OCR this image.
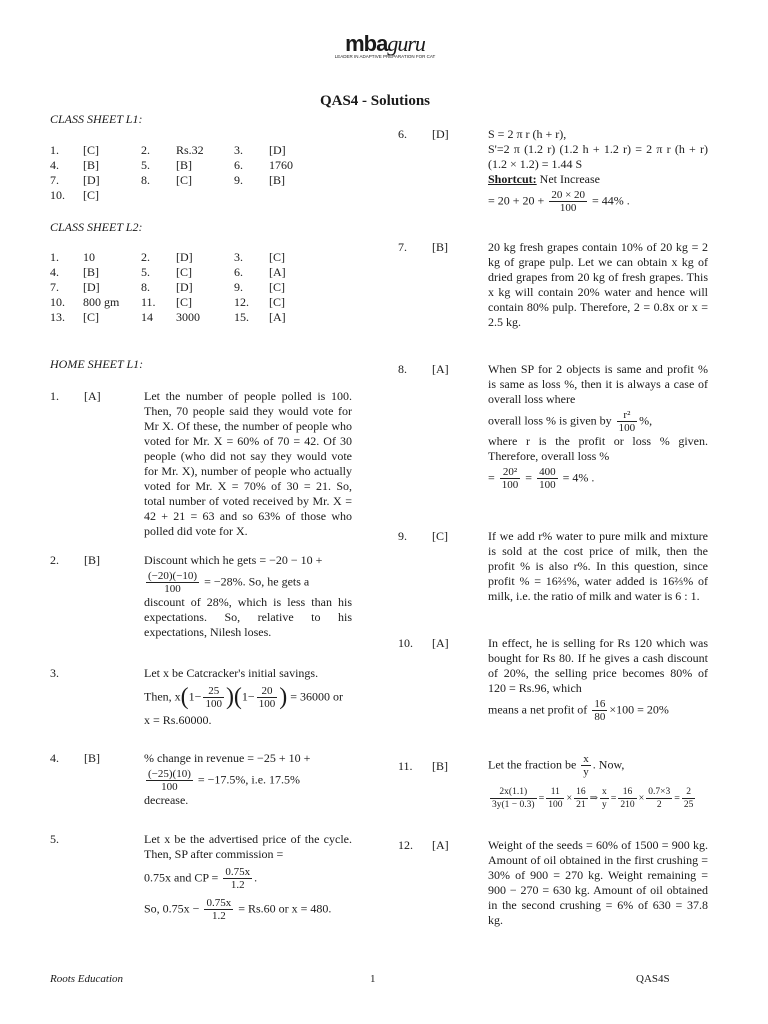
mbaguru
LEADER IN ADAPTIVE PREPARATION FOR CAT
QAS4 - Solutions
CLASS SHEET L1:
1.	[C]	2.	Rs.32	3.	[D]
4.	[B]	5.	[B]	6.	1760
7.	[D]	8.	[C]	9.	[B]
10.	[C]				
CLASS SHEET L2:
1.	10	2.	[D]	3.	[C]
4.	[B]	5.	[C]	6.	[A]
7.	[D]	8.	[D]	9.	[C]
10.	800 gm	11.	[C]	12.	[C]
13.	[C]	14	3000	15.	[A]
HOME SHEET L1:
1.	[A]	Let the number of people polled is 100. Then, 70 people said they would vote for Mr X. Of these, the number of people who voted for Mr. X = 60% of 70 = 42. Of 30 people (who did not say they would vote for Mr. X), number of people who actually voted for Mr. X = 70% of 30 = 21. So, total number of voted received by Mr. X = 42 + 21 = 63 and so 63% of those who polled did vote for X.
2.	[B]	Discount which he gets = −20 − 10 +
$\frac{(-20)(-10)}{100} = -28\%$. So, he gets a
discount of 28%, which is less than his expectations. So, relative to his expectations, Nilesh loses.
3.	Let x be Catcracker's initial savings.
Then, $x(1- \frac{25}{100} )(1- \frac{20}{100}$ ) = 36000 or
x = Rs.60000.
4.	[B]	% change in revenue = −25 + 10 +
$\frac{(-25)(10)}{100} = -17.5\%$, i.e. 17.5%
decrease.
5.	Let x be the advertised price of the cycle. Then, SP after commission =
0.75x and CP = $\frac{0.75x}{1.2}$ .
So, $0.75x - \frac{0.75x}{1.2} = Rs.60$ or x = 480.
6.	[D]	S = 2 π r (h + r),
S'=2 π (1.2 r) (1.2 h + 1.2 r) = 2 π r (h + r) (1.2 × 1.2) = 1.44 S
Shortcut: Net Increase
= $20 + 20 + \frac{20 \times 20}{100} = 44\%$ .
7.	[B]	20 kg fresh grapes contain 10% of 20 kg = 2 kg of grape pulp. Let we can obtain x kg of dried grapes from 20 kg of fresh grapes. This x kg will contain 20% water and hence will contain 80% pulp. Therefore, 2 = 0.8x or x = 2.5 kg.
8.	[A]	When SP for 2 objects is same and profit % is same as loss %, then it is always a case of overall loss where
overall loss % is given by $\frac{\text{r²}}{100}$ %,
where r is the profit or loss % given. Therefore, overall loss %
= $\frac{\text{20²}}{100} = \frac{400}{100} = 4\%$ .
9.	[C]	If we add r% water to pure milk and mixture is sold at the cost price of milk, then the profit % is also r%. In this question, since profit % = 16⅔%, water added is 16⅔% of milk, i.e. the ratio of milk and water is 6 : 1.
10.	[A]	In effect, he is selling for Rs 120 which was bought for Rs 80. If he gives a cash discount of 20%, the selling price becomes 80% of 120 = Rs.96, which
means a net profit of $\frac{16}{80} \times 100 = 20\%$
11.	[B]	Let the fraction be $\frac{x}{y}$ . Now,
$\frac{2x(1.1)}{3y(1 - 0.3)} = \frac{11}{100} \times \frac{16}{21}$ ⇒ $\frac{x}{y} = \frac{16}{210} \times \frac{0.7\times 3}{2} = \frac{2}{25}$
12.	[A]	Weight of the seeds = 60% of 1500 = 900 kg. Amount of oil obtained in the first crushing = 30% of 900 = 270 kg. Weight remaining = 900 − 270 = 630 kg. Amount of oil obtained in the second crushing = 6% of 630 = 37.8 kg.
Roots Education	1	QAS4S
